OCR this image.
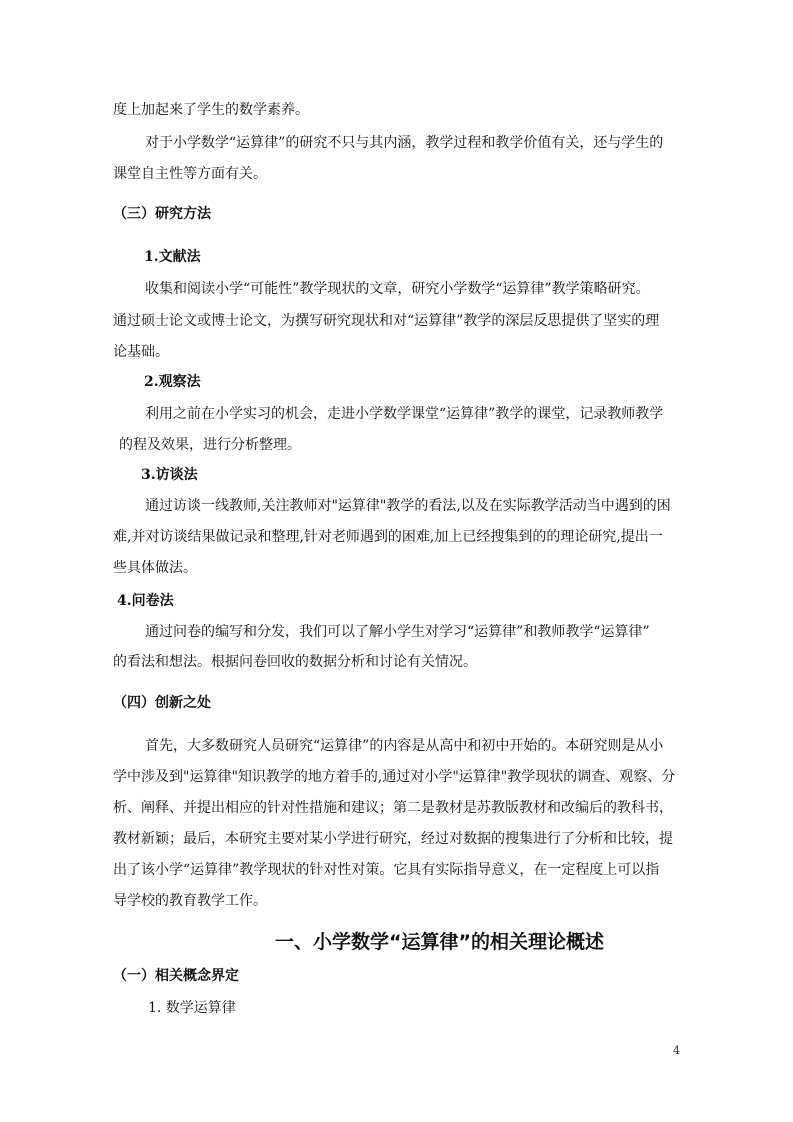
度上加起来了学生的数学素养。
对于小学数学“运算律”的研究不只与其内涵，教学过程和教学价值有关，还与学生的
课堂自主性等方面有关。
（三）研究方法
1.文献法
收集和阅读小学“可能性”教学现状的文章，研究小学数学“运算律”教学策略研究。
通过硕士论文或博士论文，为撰写研究现状和对“运算律”教学的深层反思提供了坚实的理
论基础。
2.观察法
利用之前在小学实习的机会，走进小学数学课堂“运算律”教学的课堂，记录教师教学
的程及效果，进行分析整理。
3.访谈法
通过访谈一线教师,关注教师对"运算律"教学的看法,以及在实际教学活动当中遇到的困
难,并对访谈结果做记录和整理,针对老师遇到的困难,加上已经搜集到的的理论研究,提出一
些具体做法。
4.问卷法
通过问卷的编写和分发，我们可以了解小学生对学习“运算律”和教师教学“运算律”
的看法和想法。根据问卷回收的数据分析和讨论有关情况。
（四）创新之处
首先，大多数研究人员研究“运算律”的内容是从高中和初中开始的。本研究则是从小
学中涉及到"运算律"知识教学的地方着手的,通过对小学"运算律"教学现状的调查、观察、分
析、阐释、并提出相应的针对性措施和建议；第二是教材是苏教版教材和改编后的教科书，
教材新颖；最后，本研究主要对某小学进行研究，经过对数据的搜集进行了分析和比较，提
出了该小学“运算律”教学现状的针对性对策。它具有实际指导意义，在一定程度上可以指
导学校的教育教学工作。
一、小学数学“运算律”的相关理论概述
（一）相关概念界定
1. 数学运算律
4
